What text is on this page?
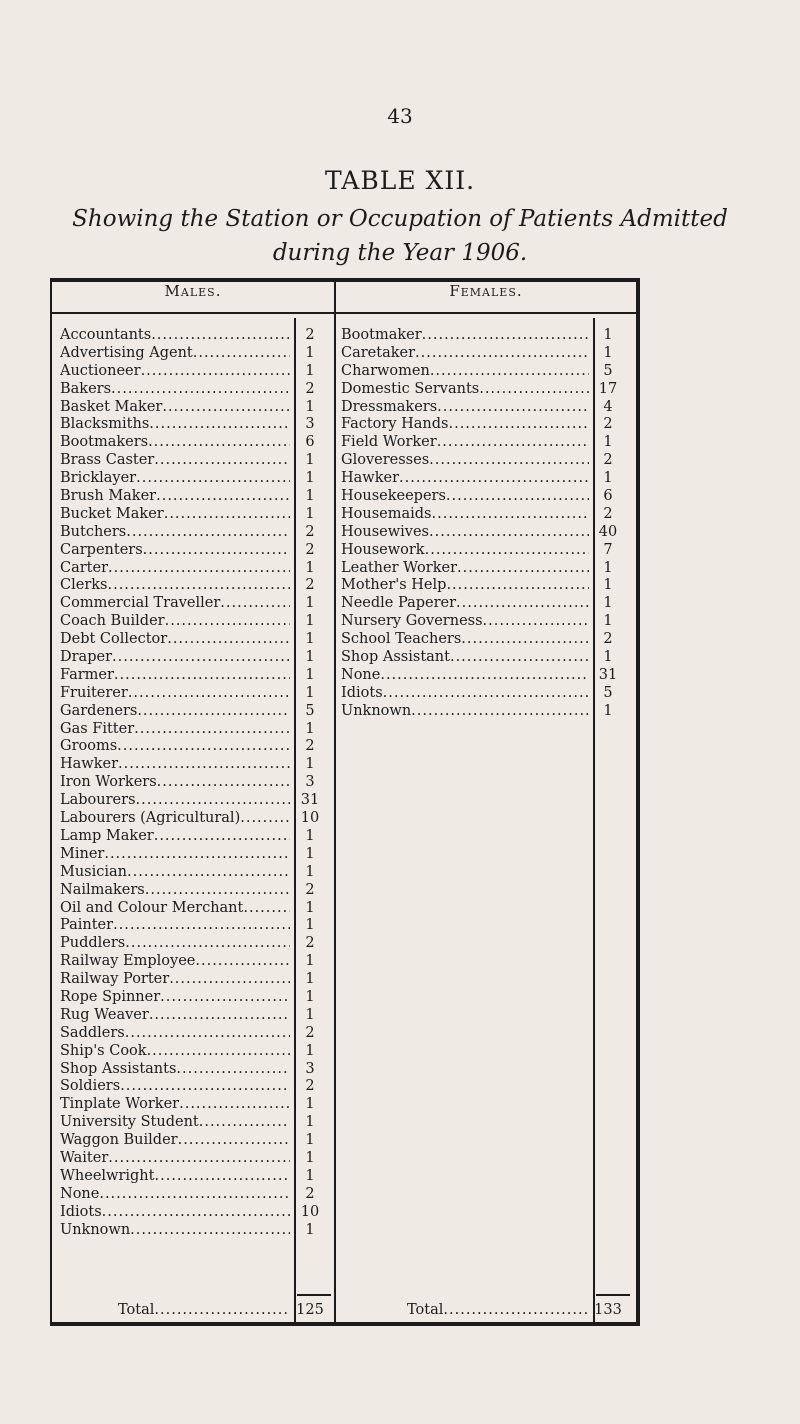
43
TABLE XII.
Showing the Station or Occupation of Patients Admitted
during the Year 1906.
Males.	Females.
Accountants .....	2
Advertising Agent .....	1
Auctioneer .....	1
Bakers .....	2
Basket Maker .....	1
Blacksmiths .....	3
Bootmakers .....	6
Brass Caster .....	1
Bricklayer .....	1
Brush Maker .....	1
Bucket Maker .....	1
Butchers .....	2
Carpenters .....	2
Carter .....	1
Clerks .....	2
Commercial Traveller .....	1
Coach Builder .....	1
Debt Collector .....	1
Draper .....	1
Farmer .....	1
Fruiterer .....	1
Gardeners .....	5
Gas Fitter .....	1
Grooms .....	2
Hawker .....	1
Iron Workers .....	3
Labourers .....	31
Labourers (Agricultural) .....	10
Lamp Maker .....	1
Miner .....	1
Musician .....	1
Nailmakers .....	2
Oil and Colour Merchant .....	1
Painter .....	1
Puddlers .....	2
Railway Employee .....	1
Railway Porter .....	1
Rope Spinner .....	1
Rug Weaver .....	1
Saddlers .....	2
Ship's Cook .....	1
Shop Assistants .....	3
Soldiers .....	2
Tinplate Worker .....	1
University Student .....	1
Waggon Builder .....	1
Waiter .....	1
Wheelwright .....	1
None .....	2
Idiots .....	10
Unknown .....	1
Bootmaker .....	1
Caretaker .....	1
Charwomen .....	5
Domestic Servants .....	17
Dressmakers .....	4
Factory Hands .....	2
Field Worker .....	1
Gloveresses .....	2
Hawker .....	1
Housekeepers .....	6
Housemaids .....	2
Housewives .....	40
Housework .....	7
Leather Worker .....	1
Mother's Help .....	1
Needle Paperer .....	1
Nursery Governess .....	1
School Teachers .....	2
Shop Assistant .....	1
None .....	31
Idiots .....	5
Unknown .....	1
Total .....	125	Total .....	133
